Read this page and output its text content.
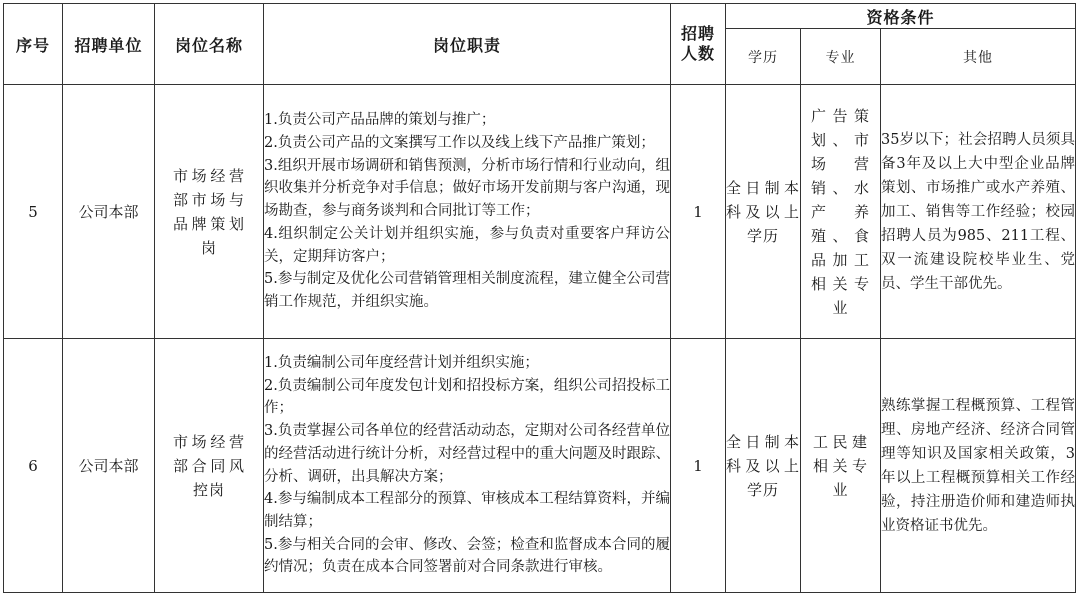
序号	招聘单位	岗位名称	岗位职责	招聘人数	资格条件		
					学历	专业	其他
5	公司本部	市场经营部市场与品牌策划岗	1.负责公司产品品牌的策划与推广；
2.负责公司产品的文案撰写工作以及线上线下产品推广策划；
3.组织开展市场调研和销售预测，分析市场行情和行业动向，组织收集并分析竞争对手信息；做好市场开发前期与客户沟通，现场勘查，参与商务谈判和合同批订等工作；
4.组织制定公关计划并组织实施，参与负责对重要客户拜访公关，定期拜访客户；
5.参与制定及优化公司营销管理相关制度流程，建立健全公司营销工作规范，并组织实施。	1	全日制本科及以上学历	广告策划、市场营销、水产养殖、食品加工相关专业	35岁以下；社会招聘人员须具备3年及以上大中型企业品牌策划、市场推广或水产养殖、加工、销售等工作经验；校园招聘人员为985、211工程、双一流建设院校毕业生、党员、学生干部优先。
6	公司本部	市场经营部合同风控岗	1.负责编制公司年度经营计划并组织实施；
2.负责编制公司年度发包计划和招投标方案，组织公司招投标工作；
3.负责掌握公司各单位的经营活动动态，定期对公司各经营单位的经营活动进行统计分析，对经营过程中的重大问题及时跟踪、分析、调研，出具解决方案；
4.参与编制成本工程部分的预算、审核成本工程结算资料，并编制结算；
5.参与相关合同的会审、修改、会签；检查和监督成本合同的履约情况；负责在成本合同签署前对合同条款进行审核。	1	全日制本科及以上学历	工民建相关专业	熟练掌握工程概预算、工程管理、房地产经济、经济合同管理等知识及国家相关政策，3年以上工程概预算相关工作经验，持注册造价师和建造师执业资格证书优先。
